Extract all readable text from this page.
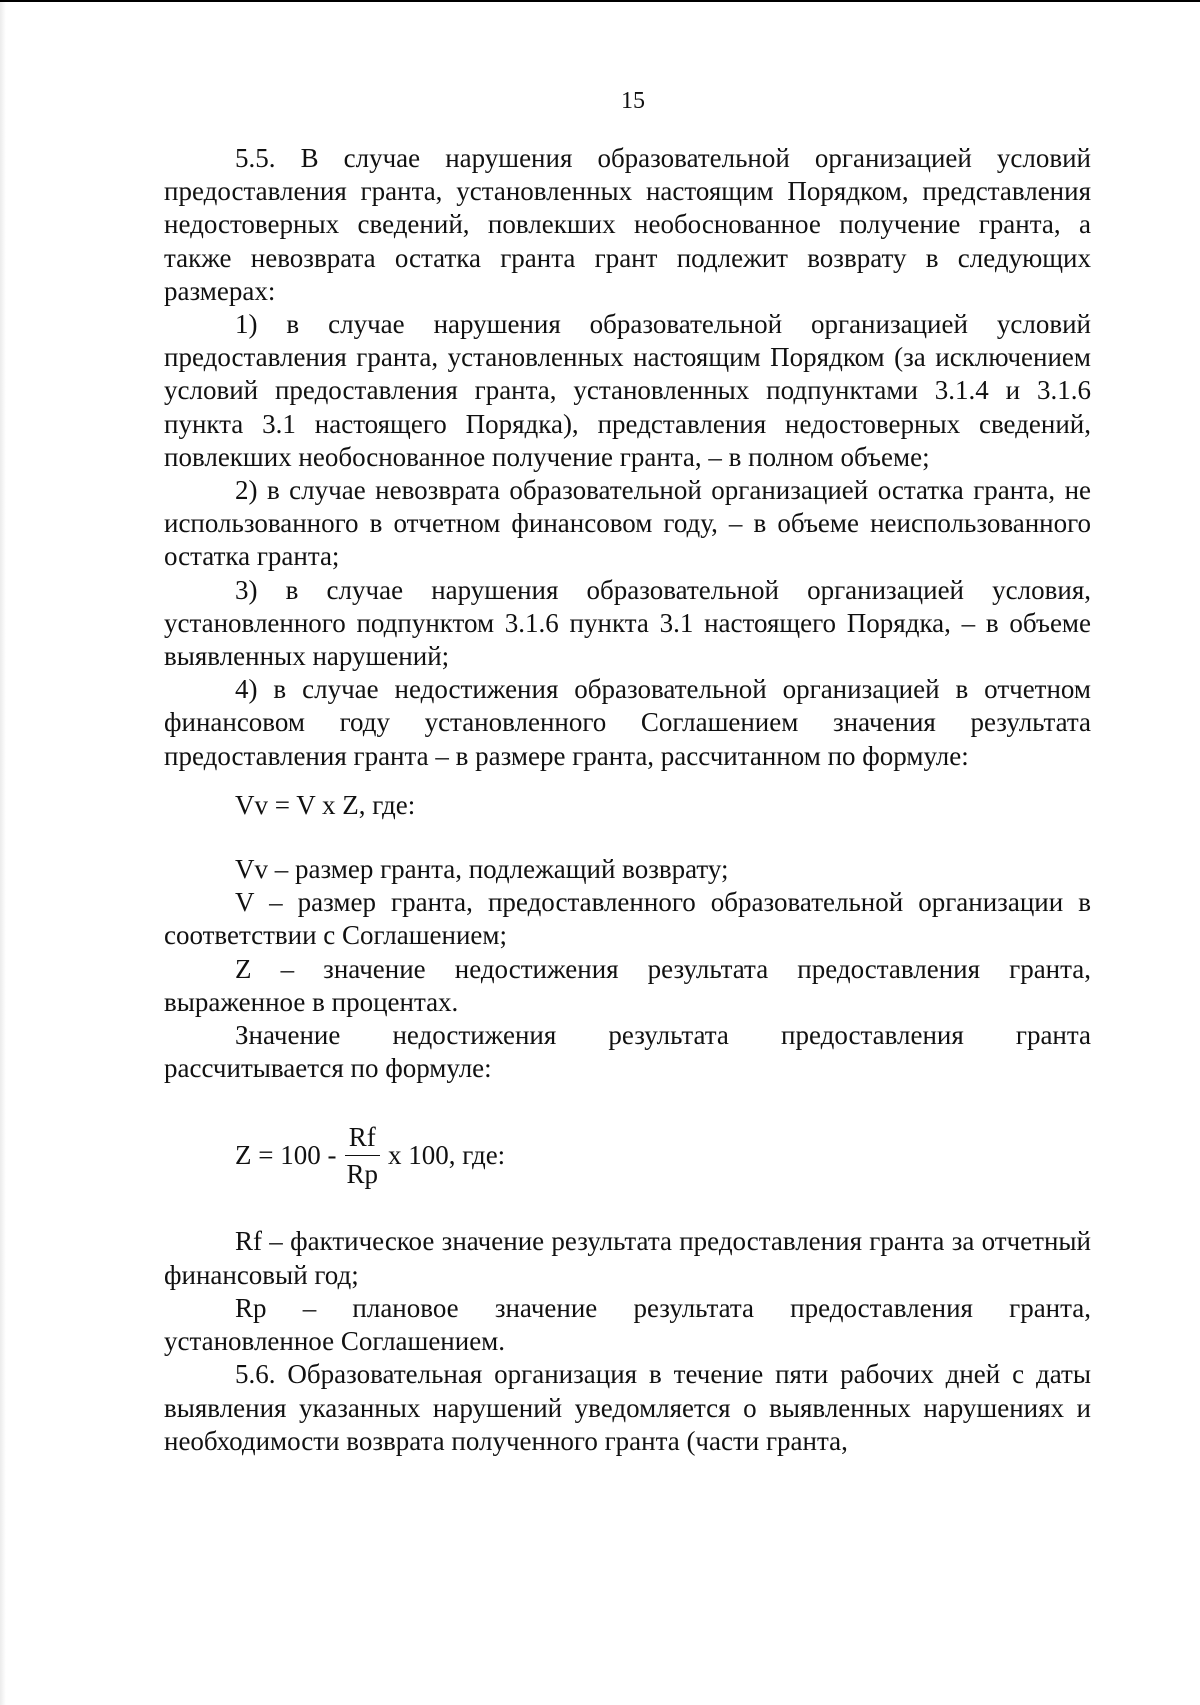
15

5.5. В случае нарушения образовательной организацией условий предоставления гранта, установленных настоящим Порядком, представления недостоверных сведений, повлекших необоснованное получение гранта, а также невозврата остатка гранта грант подлежит возврату в следующих размерах:

1) в случае нарушения образовательной организацией условий предоставления гранта, установленных настоящим Порядком (за исключением условий предоставления гранта, установленных подпунктами 3.1.4 и 3.1.6 пункта 3.1 настоящего Порядка), представления недостоверных сведений, повлекших необоснованное получение гранта, – в полном объеме;

2) в случае невозврата образовательной организацией остатка гранта, не использованного в отчетном финансовом году, – в объеме неиспользованного остатка гранта;

3) в случае нарушения образовательной организацией условия, установленного подпунктом 3.1.6 пункта 3.1 настоящего Порядка, – в объеме выявленных нарушений;

4) в случае недостижения образовательной организацией в отчетном финансовом году установленного Соглашением значения результата предоставления гранта – в размере гранта, рассчитанном по формуле:

Vv = V x Z, где:

Vv – размер гранта, подлежащий возврату;

V – размер гранта, предоставленного образовательной организации в соответствии с Соглашением;

Z – значение недостижения результата предоставления гранта, выраженное в процентах.

Значение недостижения результата предоставления гранта рассчитывается по формуле:

$Z = 100 - \frac{Rf}{Rp}$ x 100, где:

Rf – фактическое значение результата предоставления гранта за отчетный финансовый год;

Rp – плановое значение результата предоставления гранта, установленное Соглашением.

5.6. Образовательная организация в течение пяти рабочих дней с даты выявления указанных нарушений уведомляется о выявленных нарушениях и необходимости возврата полученного гранта (части гранта,
